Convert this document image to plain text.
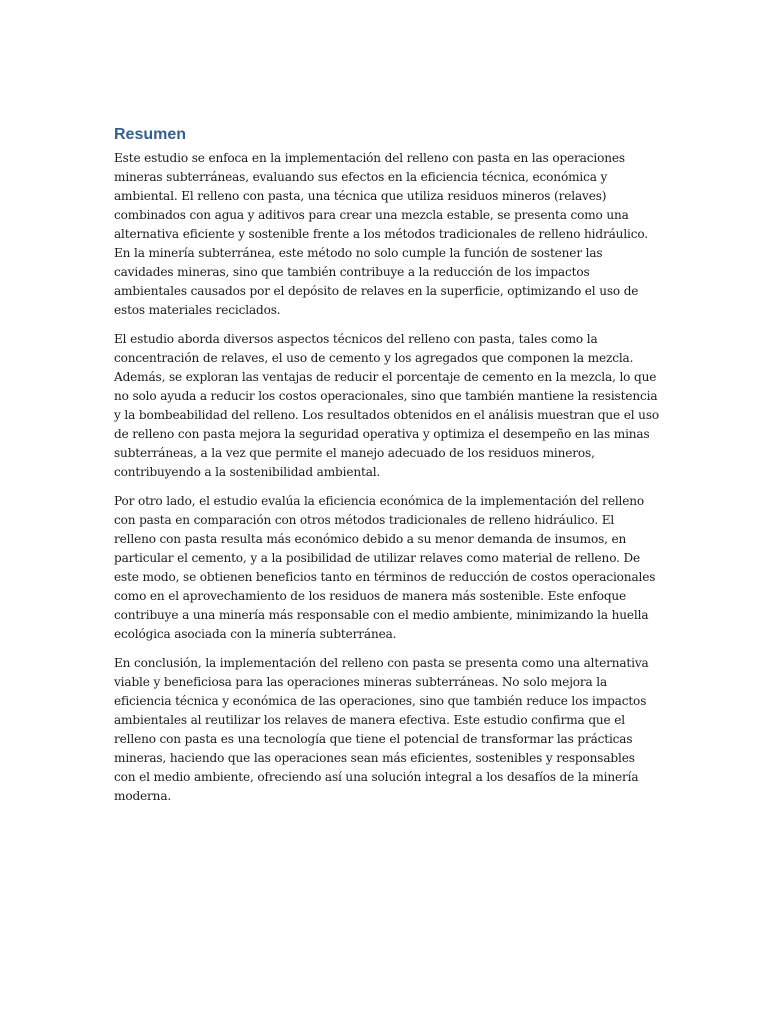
Resumen

Este estudio se enfoca en la implementación del relleno con pasta en las operaciones mineras subterráneas, evaluando sus efectos en la eficiencia técnica, económica y ambiental. El relleno con pasta, una técnica que utiliza residuos mineros (relaves) combinados con agua y aditivos para crear una mezcla estable, se presenta como una alternativa eficiente y sostenible frente a los métodos tradicionales de relleno hidráulico. En la minería subterránea, este método no solo cumple la función de sostener las cavidades mineras, sino que también contribuye a la reducción de los impactos ambientales causados por el depósito de relaves en la superficie, optimizando el uso de estos materiales reciclados.

El estudio aborda diversos aspectos técnicos del relleno con pasta, tales como la concentración de relaves, el uso de cemento y los agregados que componen la mezcla. Además, se exploran las ventajas de reducir el porcentaje de cemento en la mezcla, lo que no solo ayuda a reducir los costos operacionales, sino que también mantiene la resistencia y la bombeabilidad del relleno. Los resultados obtenidos en el análisis muestran que el uso de relleno con pasta mejora la seguridad operativa y optimiza el desempeño en las minas subterráneas, a la vez que permite el manejo adecuado de los residuos mineros, contribuyendo a la sostenibilidad ambiental.

Por otro lado, el estudio evalúa la eficiencia económica de la implementación del relleno con pasta en comparación con otros métodos tradicionales de relleno hidráulico. El relleno con pasta resulta más económico debido a su menor demanda de insumos, en particular el cemento, y a la posibilidad de utilizar relaves como material de relleno. De este modo, se obtienen beneficios tanto en términos de reducción de costos operacionales como en el aprovechamiento de los residuos de manera más sostenible. Este enfoque contribuye a una minería más responsable con el medio ambiente, minimizando la huella ecológica asociada con la minería subterránea.

En conclusión, la implementación del relleno con pasta se presenta como una alternativa viable y beneficiosa para las operaciones mineras subterráneas. No solo mejora la eficiencia técnica y económica de las operaciones, sino que también reduce los impactos ambientales al reutilizar los relaves de manera efectiva. Este estudio confirma que el relleno con pasta es una tecnología que tiene el potencial de transformar las prácticas mineras, haciendo que las operaciones sean más eficientes, sostenibles y responsables con el medio ambiente, ofreciendo así una solución integral a los desafíos de la minería moderna.
